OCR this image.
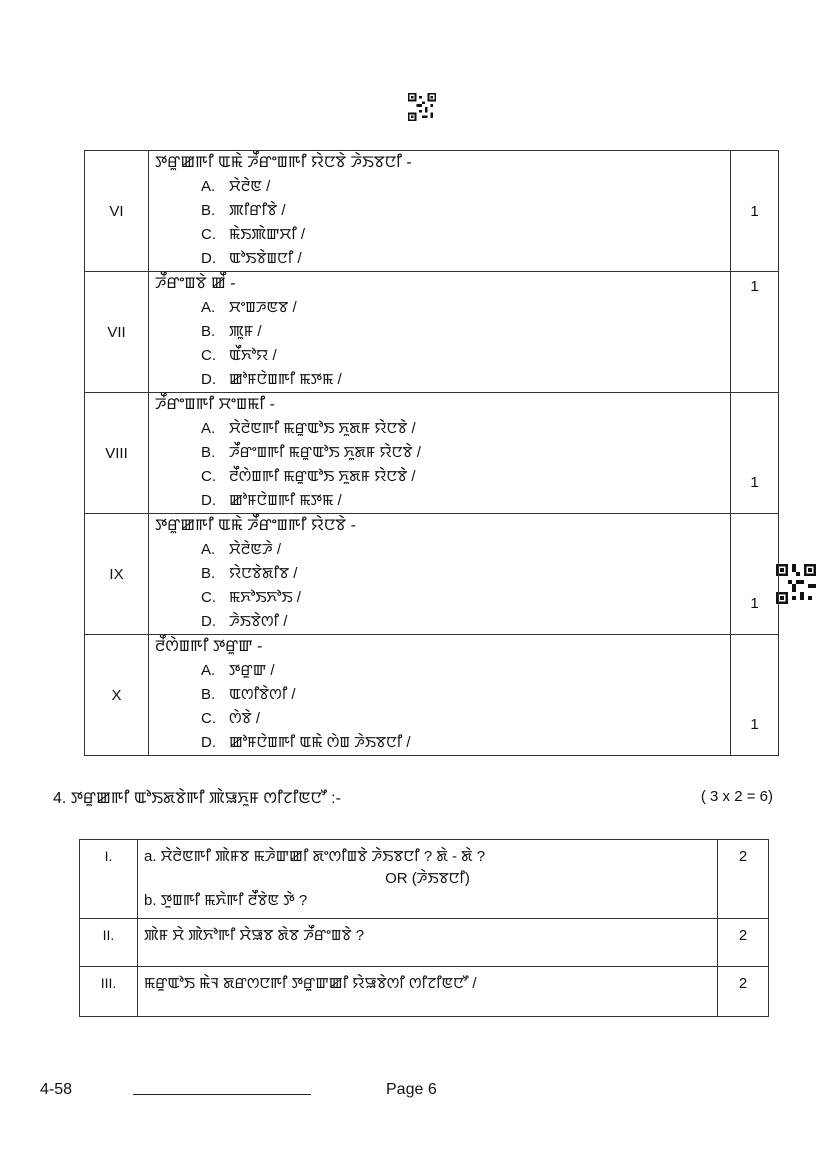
VI	ꯇꯔꯨꯀꯒꯤ ꯑꯃꯥ ꯍꯩꯔꯦꯡꯒꯤ ꯌꯥꯅꯕꯥ ꯍꯥꯏꯕꯅꯤ -
A. ꯆꯥꯂꯥꯟ /
B. ꯄꯤꯔꯤꯕꯥ /
C. ꯃꯥꯏꯄꯥꯛꯆꯤ /
D. ꯑꯣꯏꯕꯥꯡꯅꯤ /	1
VII	ꯍꯩꯔꯦꯡꯕꯥ ꯀꯩ -
A. ꯆꯦꯡꯍꯟꯕ /
B. ꯄꯨꯝ /
C. ꯑꯩꯈꯣꯌ /
D. ꯀꯣꯝꯅꯥꯡꯒꯤ ꯃꯇꯃ /	1
VIII	ꯍꯩꯔꯦꯡꯒꯤ ꯆꯦꯡꯃꯤ -
A. ꯆꯥꯂꯥꯟꯒꯤ ꯃꯔꯨꯑꯣꯏ ꯈꯨꯗꯝ ꯌꯥꯅꯕꯥ /
B. ꯍꯩꯔꯦꯡꯒꯤ ꯃꯔꯨꯑꯣꯏ ꯈꯨꯗꯝ ꯌꯥꯅꯕꯥ /
C. ꯂꯩꯁꯥꯡꯒꯤ ꯃꯔꯨꯑꯣꯏ ꯈꯨꯗꯝ ꯌꯥꯅꯕꯥ /
D. ꯀꯣꯝꯅꯥꯡꯒꯤ ꯃꯇꯃ /	1
IX	ꯇꯔꯨꯀꯒꯤ ꯑꯃꯥ ꯍꯩꯔꯦꯡꯒꯤ ꯌꯥꯅꯕꯥ -
A. ꯆꯥꯂꯥꯟꯍꯥ /
B. ꯌꯥꯅꯕꯥꯗꯤꯕ /
C. ꯃꯈꯣꯏꯈꯣꯏ /
D. ꯍꯥꯏꯕꯥꯁꯤ /	1
X	ꯂꯩꯁꯥꯡꯒꯤ ꯇꯔꯨꯛ -
A. ꯇꯔꯨꯛ /
B. ꯑꯁꯤꯕꯥꯁꯤ /
C. ꯁꯥꯕꯥ /
D. ꯀꯣꯝꯅꯥꯡꯒꯤ ꯑꯃꯥ ꯁꯥꯡ ꯍꯥꯏꯕꯅꯤ /	1
4. ꯇꯔꯨꯀꯒꯤ ꯑꯣꯏꯗꯕꯥꯒꯤ ꯄꯥꯎꯈꯨꯝ ꯁꯤꯖꯤꯟꯅꯧ :-	( 3 x 2 = 6)
I.	a. ꯆꯥꯂꯥꯟꯒꯤ ꯄꯥꯝꯕ ꯃꯍꯥꯛꯀꯤ ꯗꯦꯁꯤꯡꯕꯥ ꯍꯥꯏꯕꯅꯤ ? ꯗꯥ - ꯗꯥ ?
OR (ꯍꯥꯏꯕꯅꯤ)
b. ꯇꯨꯡꯒꯤ ꯃꯈꯥꯒꯤ ꯂꯩꯕꯥꯟ ꯇꯥ ?	2
II.	ꯄꯥꯝ ꯆꯥ ꯄꯥꯈꯣꯒꯤ ꯆꯥꯎꯕ ꯗꯥꯕ ꯍꯩꯔꯦꯡꯕꯥ ?	2
III.	ꯃꯔꯨꯑꯣꯏ ꯃꯥꯜ ꯗꯔꯁꯅꯒꯤ ꯇꯔꯨꯛꯀꯤ ꯌꯥꯎꯕꯥꯁꯤ ꯁꯤꯖꯤꯟꯅꯧ /	2
4-58	Page 6
